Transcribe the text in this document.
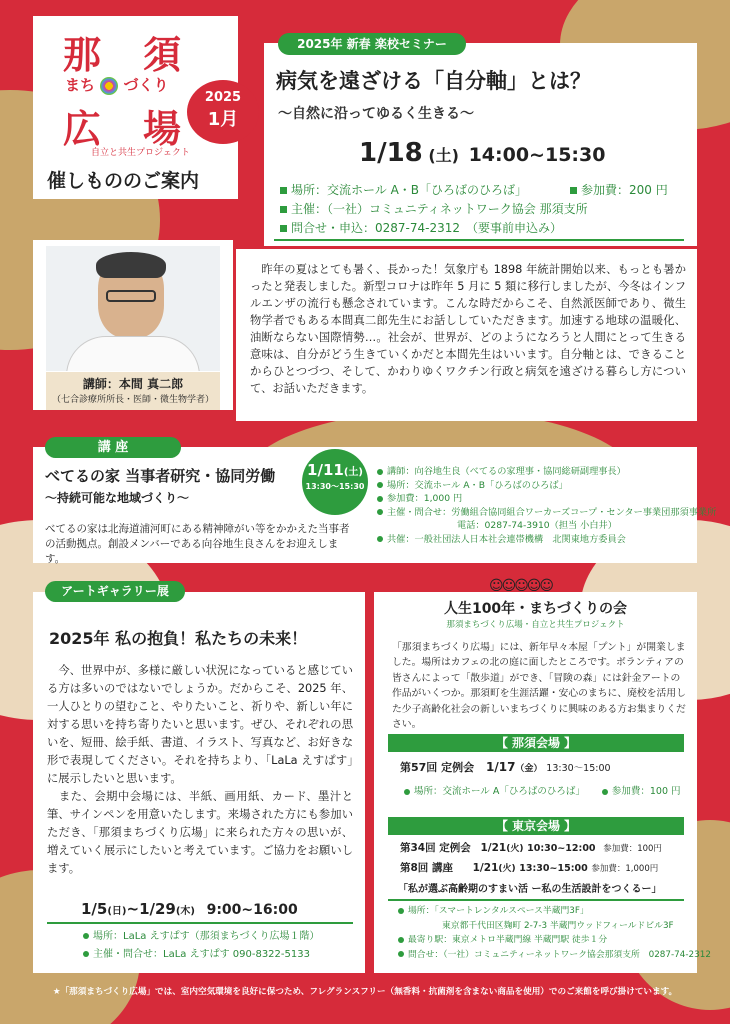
那　須
まち づくり
広　場
自立と共生プロジェクト
催しもののご案内
2025
1月
病気を遠ざける「自分軸」とは？
〜自然に沿ってゆるく生きる〜
1/18 (土) 14:00~15:30
場所：交流ホール A・B「ひろばのひろば」	参加費：200 円
主催：（一社）コミュニティネットワーク協会 那須支所
問合せ・申込：0287-74-2312　（要事前申込み）
2025年 新春 楽校セミナー
　昨年の夏はとても暑く、長かった！気象庁も 1898 年統計開始以来、もっとも暑かったと発表しました。新型コロナは昨年 5 月に 5 類に移行しましたが、今冬はインフルエンザの流行も懸念されています。こんな時だからこそ、自然派医師であり、微生物学者でもある本間真二郎先生にお話ししていただきます。加速する地球の温暖化、油断ならない国際情勢…。社会が、世界が、どのようになろうと人間にとって生きる意味は、自分がどう生きていくかだと本間先生はいいます。自分軸とは、できることからひとつづつ、そして、かわりゆくワクチン行政と病気を遠ざける暮らし方について、お話いただきます。
講師：本間 真二郎
（七合診療所所長・医師・微生物学者）
べてるの家 当事者研究・協同労働
〜持続可能な地域づくり〜
べてるの家は北海道浦河町にある精神障がい等をかかえた当事者の活動拠点。創設メンバーである向谷地生良さんをお迎えします。
講師：向谷地生良（べてるの家理事・協同総研副理事長）
場所：交流ホール A・B「ひろばのひろば」
参加費：1,000 円
主催・問合せ：労働組合協同組合ワーカーズコープ・センター事業団那須事業所
電話：0287-74-3910（担当 小白井）
共催：一般社団法人日本社会連帯機構　北関東地方委員会
講 座
1/11(土)
13:30〜15:30
2025年 私の抱負！私たちの未来！
　今、世界中が、多様に厳しい状況になっていると感じている方は多いのではないでしょうか。だからこそ、2025 年、一人ひとりの望むこと、やりたいこと、祈りや、新しい年に対する思いを持ち寄りたいと思います。ぜひ、それぞれの思いを、短冊、絵手紙、書道、イラスト、写真など、お好きな形で表現してください。それを持ちより、「LaLa えすぱす」に展示したいと思います。
　また、会期中会場には、半紙、画用紙、カード、墨汁と筆、サインペンを用意いたします。来場された方にも参加いただき、「那須まちづくり広場」に来られた方々の思いが、増えていく展示にしたいと考えています。ご協力をお願いします。
1/5(日)~1/29(木) 9:00~16:00
場所：LaLa えすぱす（那須まちづくり広場１階）
主催・問合せ：LaLa えすぱす 090-8322-5133
アートギャラリー展	☺☺☺☺☺
人生100年・まちづくりの会
那須まちづくり広場・自立と共生プロジェクト
「那須まちづくり広場」には、新年早々本屋「プント」が開業しました。場所はカフェの北の庭に面したところです。ボランティアの皆さんによって「散歩道」ができ、「冒険の森」には針金アートの作品がいくつか。那須町を生涯活躍・安心のまちに、廃校を活用した少子高齢化社会の新しいまちづくりに興味のある方お集まりください。
【 那須会場 】
第57回 定例会 1/17（金） 13:30～15:00
場所：交流ホール A「ひろばのひろば」	参加費：100 円
【 東京会場 】
第34回 定例会 1/21(火) 10:30~12:00 参加費：100円
第8回 講座 1/21(火) 13:30~15:00 参加費：1,000円
「私が選ぶ高齢期のすまい活 ー私の生活設計をつくるー」
場所：「スマートレンタルスペース半蔵門3F」
東京都千代田区麹町 2-7-3 半蔵門ウッドフィールドビル3F
最寄り駅：東京メトロ半蔵門線 半蔵門駅 徒歩１分
問合せ：（一社）コミュニティーネットワーク協会那須支所　0287-74-2312
★「那須まちづくり広場」では、室内空気環境を良好に保つため、フレグランスフリー（無香料・抗菌剤を含まない商品を使用）でのご来館を呼び掛けています。
